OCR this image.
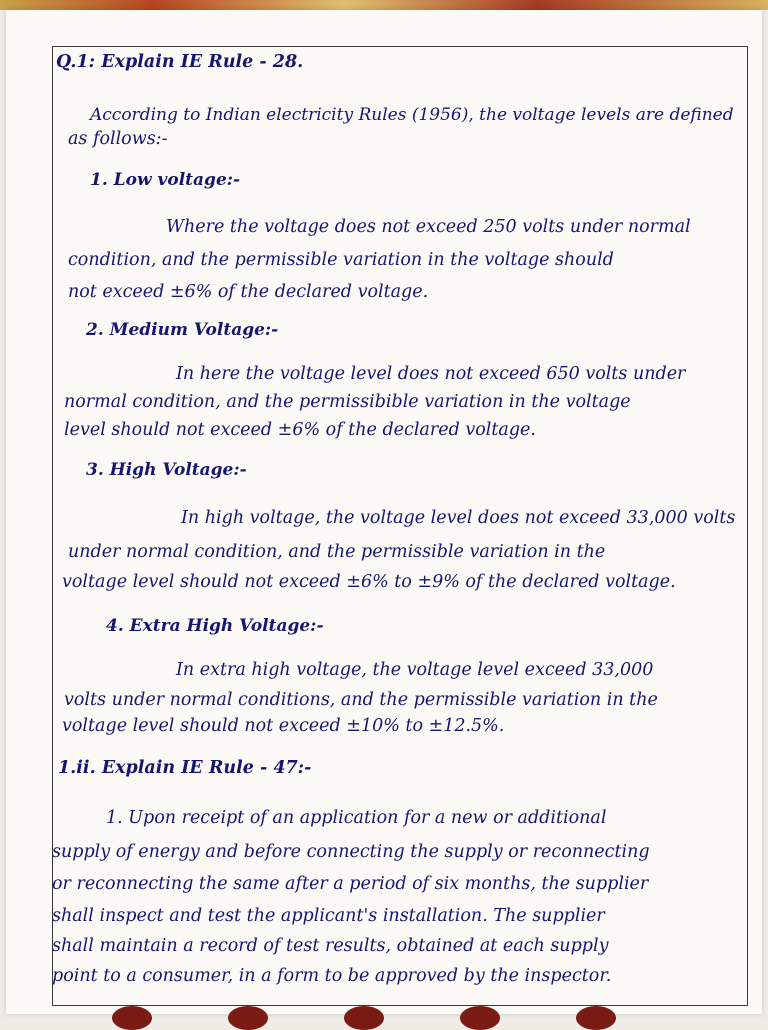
Q.1: Explain IE Rule - 28.

According to Indian electricity Rules (1956), the voltage levels are defined

as follows:-

1. Low voltage:-

Where the voltage does not exceed 250 volts under normal

condition, and the permissible variation in the voltage should

not exceed ±6% of the declared voltage.

2. Medium Voltage:-

In here the voltage level does not exceed 650 volts under

normal condition, and the permissibible variation in the voltage

level should not exceed ±6% of the declared voltage.

3. High Voltage:-

In high voltage, the voltage level does not exceed 33,000 volts

under normal condition, and the permissible variation in the

voltage level should not exceed ±6% to ±9% of the declared voltage.

4. Extra High Voltage:-

In extra high voltage, the voltage level exceed 33,000

volts under normal conditions, and the permissible variation in the

voltage level should not exceed ±10% to ±12.5%.

1.ii. Explain IE Rule - 47:-

1. Upon receipt of an application for a new or additional

supply of energy and before connecting the supply or reconnecting

or reconnecting the same after a period of six months, the supplier

shall inspect and test the applicant's installation. The supplier

shall maintain a record of test results, obtained at each supply

point to a consumer, in a form to be approved by the inspector.
